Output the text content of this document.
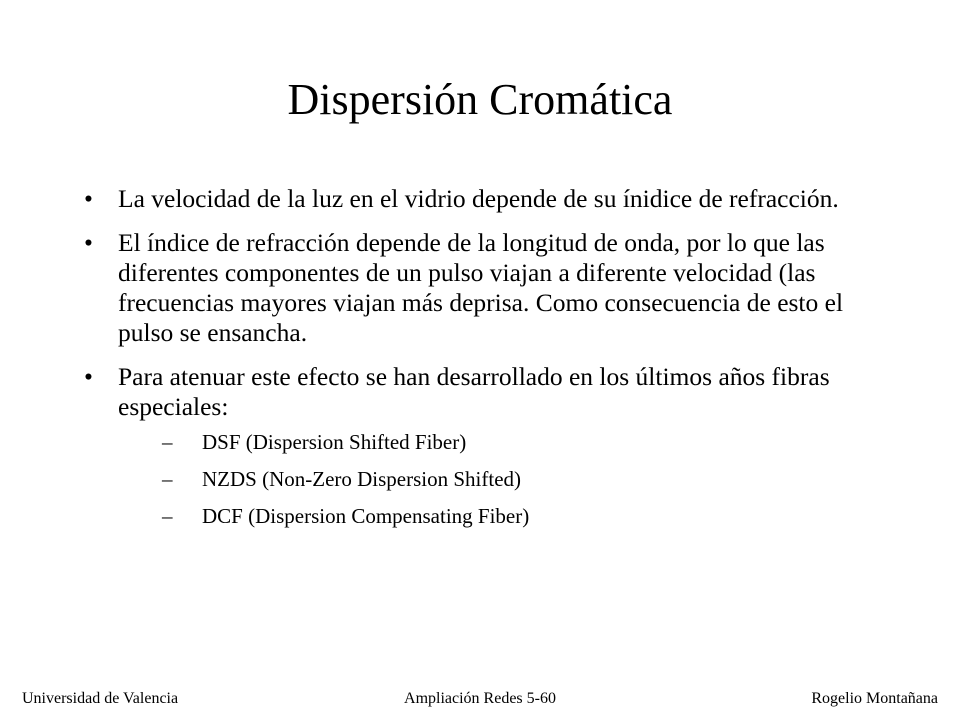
Dispersión Cromática
• La velocidad de la luz en el vidrio depende de su ínidice de refracción.
• El índice de refracción depende de la longitud de onda, por lo que las diferentes componentes de un pulso viajan a diferente velocidad (las frecuencias mayores viajan más deprisa. Como consecuencia de esto el pulso se ensancha.
• Para atenuar este efecto se han desarrollado en los últimos años fibras especiales:
– DSF (Dispersion Shifted Fiber)
– NZDS (Non-Zero Dispersion Shifted)
– DCF (Dispersion Compensating Fiber)
Ampliación Redes 5-60
Universidad de Valencia	Rogelio Montañana
